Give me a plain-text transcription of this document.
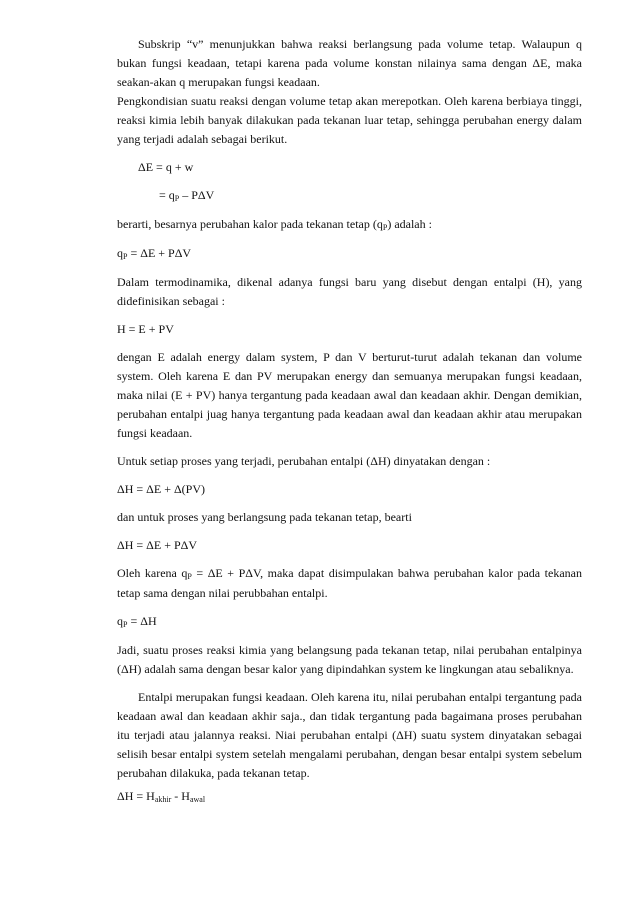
Subskrip “v” menunjukkan bahwa reaksi berlangsung pada volume tetap. Walaupun q bukan fungsi keadaan, tetapi karena pada volume konstan nilainya sama dengan ΔE, maka seakan-akan q merupakan fungsi keadaan.

Pengkondisian suatu reaksi dengan volume tetap akan merepotkan. Oleh karena berbiaya tinggi, reaksi kimia lebih banyak dilakukan pada tekanan luar tetap, sehingga perubahan energy dalam yang terjadi adalah sebagai berikut.

ΔE = q + w

= qP – PΔV

berarti, besarnya perubahan kalor pada tekanan tetap (qP) adalah :

qP = ΔE + PΔV

Dalam termodinamika, dikenal adanya fungsi baru yang disebut dengan entalpi (H), yang didefinisikan sebagai :

H = E + PV

dengan E adalah energy dalam system, P dan V berturut-turut adalah tekanan dan volume system. Oleh karena E dan PV merupakan energy dan semuanya merupakan fungsi keadaan, maka nilai (E + PV) hanya tergantung pada keadaan awal dan keadaan akhir. Dengan demikian, perubahan entalpi juag hanya tergantung pada keadaan awal dan keadaan akhir atau merupakan fungsi keadaan.

Untuk setiap proses yang terjadi, perubahan entalpi (ΔH) dinyatakan dengan :

ΔH = ΔE + Δ(PV)

dan untuk proses yang berlangsung pada tekanan tetap, bearti

ΔH = ΔE + PΔV

Oleh karena qP = ΔE + PΔV, maka dapat disimpulakan bahwa perubahan kalor pada tekanan tetap sama dengan nilai perubbahan entalpi.

qP = ΔH

Jadi, suatu proses reaksi kimia yang belangsung pada tekanan tetap, nilai perubahan entalpinya (ΔH) adalah sama dengan besar kalor yang dipindahkan system ke lingkungan atau sebaliknya.

Entalpi merupakan fungsi keadaan. Oleh karena itu, nilai perubahan entalpi tergantung pada keadaan awal dan keadaan akhir saja., dan tidak tergantung pada bagaimana proses perubahan itu terjadi atau jalannya reaksi. Niai perubahan entalpi (ΔH) suatu system dinyatakan sebagai selisih besar entalpi system setelah mengalami perubahan, dengan besar entalpi system sebelum perubahan dilakuka, pada tekanan tetap.

ΔH = Hakhir - Hawal
